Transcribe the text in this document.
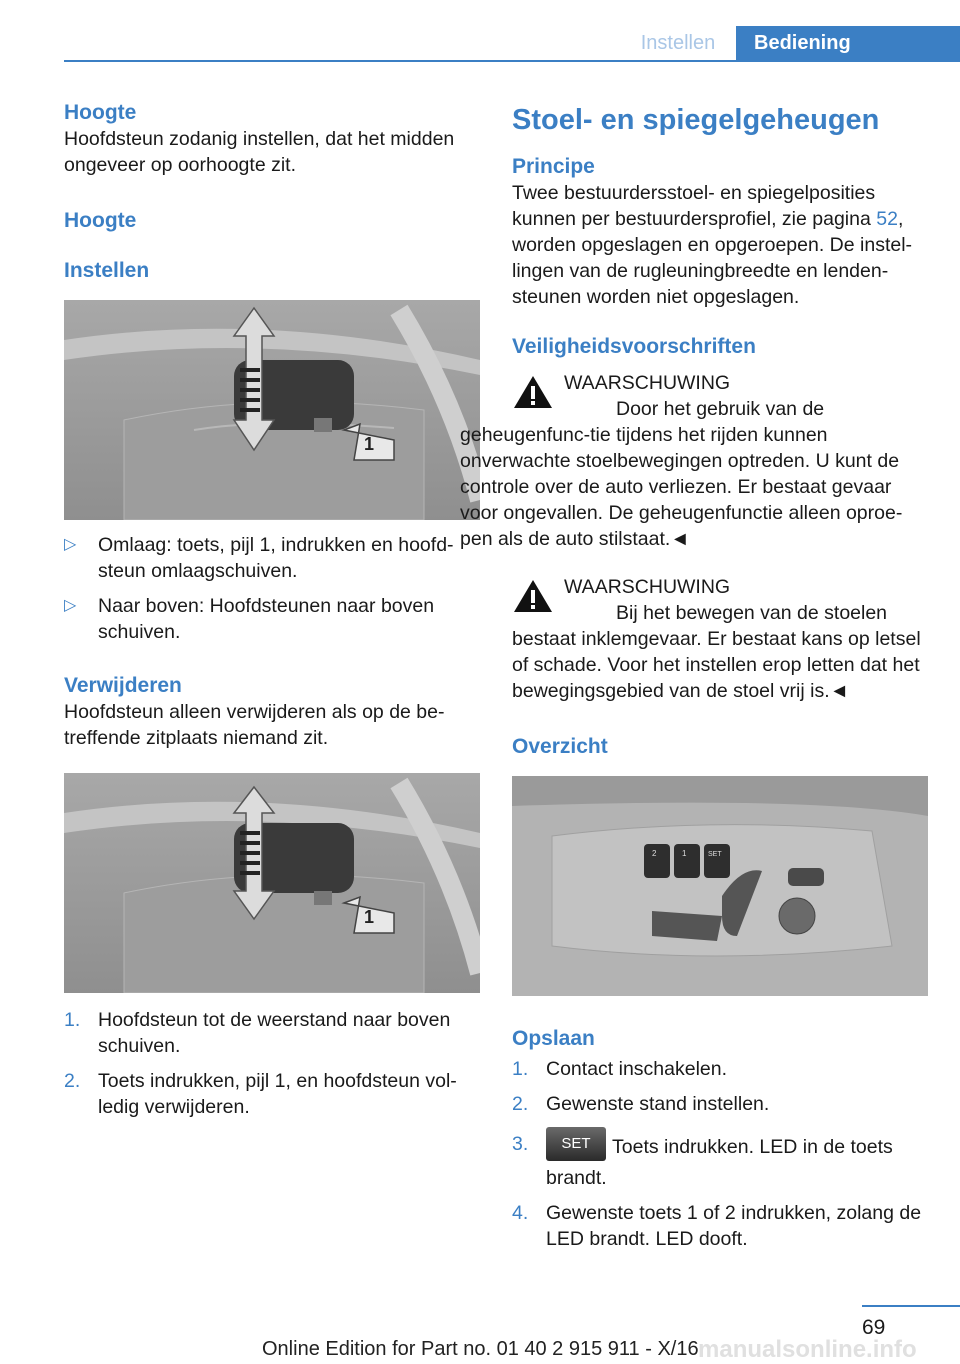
Instellen	Bediening
Hoogte

Hoofdsteun zodanig instellen, dat het midden ongeveer op oorhoogte zit.

Hoogte
Instellen
1
▷ Omlaag: toets, pijl 1, indrukken en hoofd-steun omlaagschuiven.
▷ Naar boven: Hoofdsteunen naar boven schuiven.
Verwijderen

Hoofdsteun alleen verwijderen als op de be-treffende zitplaats niemand zit.

1
1. Hoofdsteun tot de weerstand naar boven schuiven.
2. Toets indrukken, pijl 1, en hoofdsteun vol-ledig verwijderen.
Stoel- en spiegelgeheugen
Principe

Twee bestuurdersstoel- en spiegelposities kunnen per bestuurdersprofiel, zie pagina 52, worden opgeslagen en opgeroepen. De instel-lingen van de rugleuningbreedte en lenden-steunen worden niet opgeslagen.

Veiligheidsvoorschriften
WAARSCHUWING

Door het gebruik van de geheugenfunc-tie tijdens het rijden kunnen onverwachte stoelbewegingen optreden. U kunt de controle over de auto verliezen. Er bestaat gevaar voor ongevallen. De geheugenfunctie alleen oproe-pen als de auto stilstaat.◄

WAARSCHUWING

Bij het bewegen van de stoelen bestaat inklemgevaar. Er bestaat kans op letsel of schade. Voor het instellen erop letten dat het bewegingsgebied van de stoel vrij is.◄

Overzicht
2	1	SET
Opslaan
1. Contact inschakelen.
2. Gewenste stand instellen.
3. SET Toets indrukken. LED in de toets brandt.
4. Gewenste toets 1 of 2 indrukken, zolang de LED brandt. LED dooft.
69
manualsonline.info
Online Edition for Part no. 01 40 2 915 911 - X/16
